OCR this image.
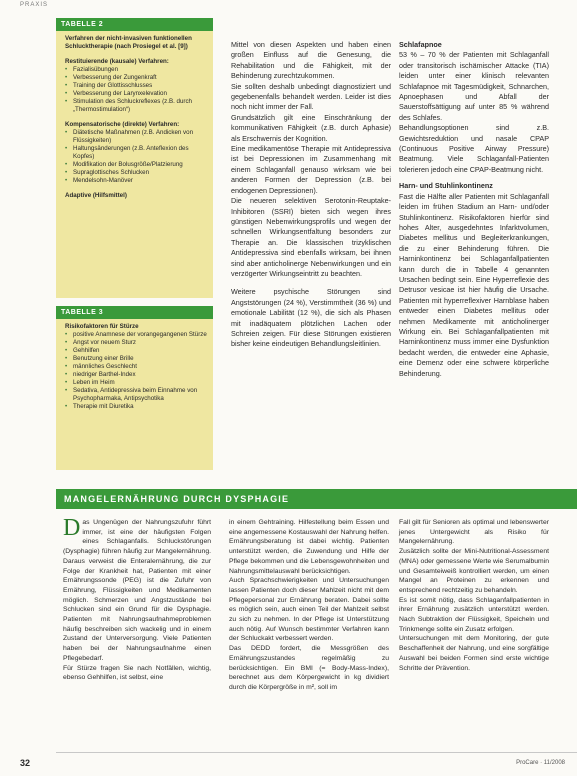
PRAXIS
TABELLE 2

Verfahren der nicht-invasiven funktionellen Schlucktherapie (nach Prosiegel et al. [9])

Restituierende (kausale) Verfahren:

• Fazialisübungen
• Verbesserung der Zungenkraft
• Training der Glottisschlusses
• Verbesserung der Larynxelevation
• Stimulation des Schluckreflexes (z.B. durch „Thermostimulation“)

Kompensatorische (direkte) Verfahren:

• Diätetische Maßnahmen (z.B. Andicken von Flüssigkeiten)
• Haltungsänderungen (z.B. Anteflexion des Kopfes)
• Modifikation der Bolusgröße/Platzierung
• Supraglottisches Schlucken
• Mendelsohn-Manöver

Adaptive (Hilfsmittel)

TABELLE 3

Risikofaktoren für Stürze

• positive Anamnese der vorangegangenen Stürze
• Angst vor neuem Sturz
• Gehhilfen
• Benutzung einer Brille
• männliches Geschlecht
• niedriger Barthel-Index
• Leben im Heim
• Sedativa, Antidepressiva beim Einnahme von Psychopharmaka, Antipsychotika
• Therapie mit Diuretika

Mittel von diesen Aspekten und haben einen großen Einfluss auf die Genesung, die Rehabilitation und die Fähigkeit, mit der Behinderung zurechtzukommen.

Sie sollten deshalb unbedingt diagnostiziert und gegebenenfalls behandelt werden. Leider ist dies noch nicht immer der Fall.

Grundsätzlich gilt eine Einschränkung der kommunikativen Fähigkeit (z.B. durch Aphasie) als Erschwernis der Kognition.

Eine medikamentöse Therapie mit Antidepressiva ist bei Depressionen im Zusammenhang mit einem Schlaganfall genauso wirksam wie bei anderen Formen der Depression (z.B. bei endogenen Depressionen).

Die neueren selektiven Serotonin-Reuptake-Inhibitoren (SSRI) bieten sich wegen ihres günstigen Nebenwirkungsprofils und wegen der schnellen Wirkungsentfaltung besonders zur Therapie an. Die klassischen trizyklischen Antidepressiva sind ebenfalls wirksam, bei ihnen sind aber anticholinerge Nebenwirkungen und ein verzögerter Wirkungseintritt zu beachten.

Weitere psychische Störungen sind Angststörungen (24 %), Verstimmtheit (36 %) und emotionale Labilität (12 %), die sich als Phasen mit inadäquatem plötzlichen Lachen oder Schreien zeigen. Für diese Störungen existieren bisher keine eindeutigen Behandlungsleitlinien.

Schlafapnoe

53 % – 70 % der Patienten mit Schlaganfall oder transitorisch ischämischer Attacke (TIA) leiden unter einer klinisch relevanten Schlafapnoe mit Tagesmüdigkeit, Schnarchen, Apnoephasen und Abfall der Sauerstoffsättigung auf unter 85 % während des Schlafes.

Behandlungsoptionen sind z.B. Gewichtsreduktion und nasale CPAP (Continuous Positive Airway Pressure) Beatmung. Viele Schlaganfall-Patienten tolerieren jedoch eine CPAP-Beatmung nicht.

Harn- und Stuhlinkontinenz

Fast die Hälfte aller Patienten mit Schlaganfall leiden im frühen Stadium an Harn- und/oder Stuhlinkontinenz. Risikofaktoren hierfür sind hohes Alter, ausgedehntes Infarktvolumen, Diabetes mellitus und Begleiterkrankungen, die zu einer Behinderung führen. Die Harninkontinenz bei Schlaganfallpatienten kann durch die in Tabelle 4 genannten Ursachen bedingt sein. Eine Hyperreflexie des Detrusor vesicae ist hier häufig die Ursache. Patienten mit hyperreflexiver Harnblase haben entweder einen Diabetes mellitus oder nehmen Medikamente mit anticholinerger Wirkung ein. Bei Schlaganfallpatienten mit Harninkontinenz muss immer eine Dysfunktion bedacht werden, die entweder eine Aphasie, eine Demenz oder eine schwere körperliche Behinderung.

MANGELERNÄHRUNG DURCH DYSPHAGIE

Das Ungenügen der Nahrungszufuhr führt immer, ist eine der häufigsten Folgen eines Schlaganfalls. Schluckstörungen (Dysphagie) führen häufig zur Mangelernährung. Daraus verweist die Enteralernährung, die zur Folge der Krankheit hat, Patienten mit einer Ernährungssonde (PEG) ist die Zufuhr von Ernährung, Flüssigkeiten und Medikamenten möglich. Schmerzen und Angstzustände bei Schlucken sind ein Grund für die Dysphagie. Patienten mit Nahrungsaufnahmeproblemen häufig beschreiben sich wackelig und in einem Zustand der Unterversorgung. Viele Patienten haben bei der Nahrungsaufnahme einen Pflegebedarf.

Für Stürze fragen Sie nach Notfällen, wichtig, ebenso Gehhilfen, ist selbst, eine

in einem Gehtraining. Hilfestellung beim Essen und eine angemessene Kostauswahl der Nahrung helfen. Ernährungsberatung ist dabei wichtig. Patienten unterstützt werden, die Zuwendung und Hilfe der Pflege bekommen und die Lebensgewohnheiten und Nahrungsmittelauswahl berücksichtigen.

Auch Sprachschwierigkeiten und Untersuchungen lassen Patienten doch dieser Mahlzeit nicht mit dem Pflegepersonal zur Ernährung beraten. Dabei sollte es möglich sein, auch einen Teil der Mahlzeit selbst zu sich zu nehmen. In der Pflege ist Unterstützung auch nötig. Auf Wunsch bestimmter Verfahren kann der Schluckakt verbessert werden.

Das DEDD fordert, die Messgrößen des Ernährungszustandes regelmäßig zu berücksichtigen. Ein BMI (= Body-Mass-Index), berechnet aus dem Körpergewicht in kg dividiert durch die Körpergröße in m², soll im

Fall gilt für Senioren als optimal und lebenswerter jenes Untergewicht als Risiko für Mangelernährung.

Zusätzlich sollte der Mini-Nutritional-Assessment (MNA) oder gemessene Werte wie Serumalbumin und Gesamteiweiß kontrolliert werden, um einen Mangel an Proteinen zu erkennen und entsprechend rechtzeitig zu behandeln.

Es ist somit nötig, dass Schlaganfallpatienten in ihrer Ernährung zusätzlich unterstützt werden. Nach Subtraktion der Flüssigkeit, Speicheln und Trinkmenge sollte ein Zusatz erfolgen.

Untersuchungen mit dem Monitoring, der gute Beschaffenheit der Nahrung, und eine sorgfältige Auswahl bei beiden Formen sind erste wichtige Schritte der Prävention.

32	ProCare · 11/2008
